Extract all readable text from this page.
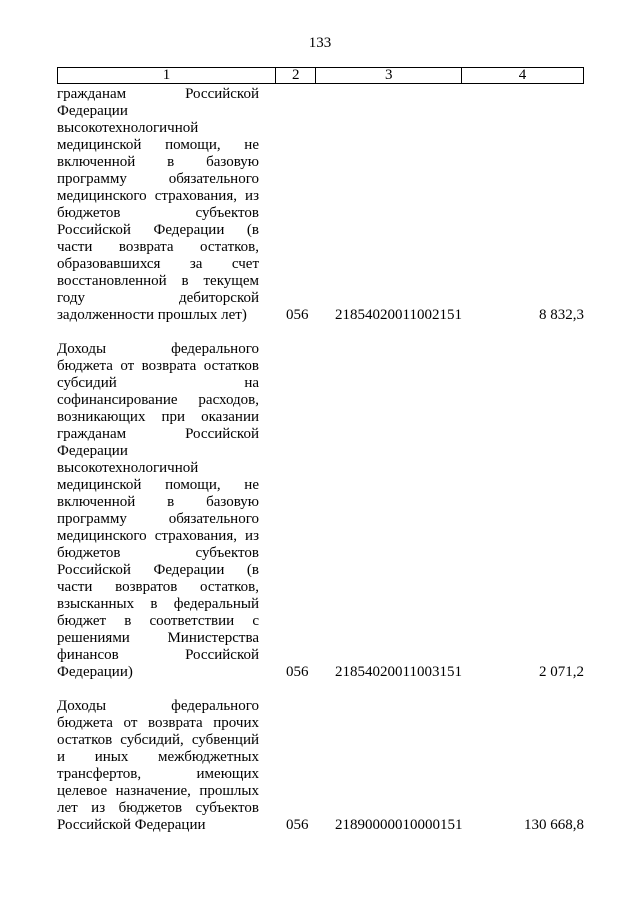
133
1	2	3	4
гражданам Российской
Федерации
высокотехнологичной
медицинской помощи, не
включенной в базовую
программу обязательного
медицинского страхования, из
бюджетов субъектов
Российской Федерации (в
части возврата остатков,
образовавшихся за счет
восстановленной в текущем
году дебиторской
задолженности прошлых лет)	056 21854020011002151	8 832,3
Доходы федерального
бюджета от возврата остатков
субсидий на
софинансирование расходов,
возникающих при оказании
гражданам Российской
Федерации
высокотехнологичной
медицинской помощи, не
включенной в базовую
программу обязательного
медицинского страхования, из
бюджетов субъектов
Российской Федерации (в
части возвратов остатков,
взысканных в федеральный
бюджет в соответствии с
решениями Министерства
финансов Российской
Федерации)	056 21854020011003151	2 071,2
Доходы федерального
бюджета от возврата прочих
остатков субсидий, субвенций
и иных межбюджетных
трансфертов, имеющих
целевое назначение, прошлых
лет из бюджетов субъектов
Российской Федерации	056 21890000010000151	130 668,8
